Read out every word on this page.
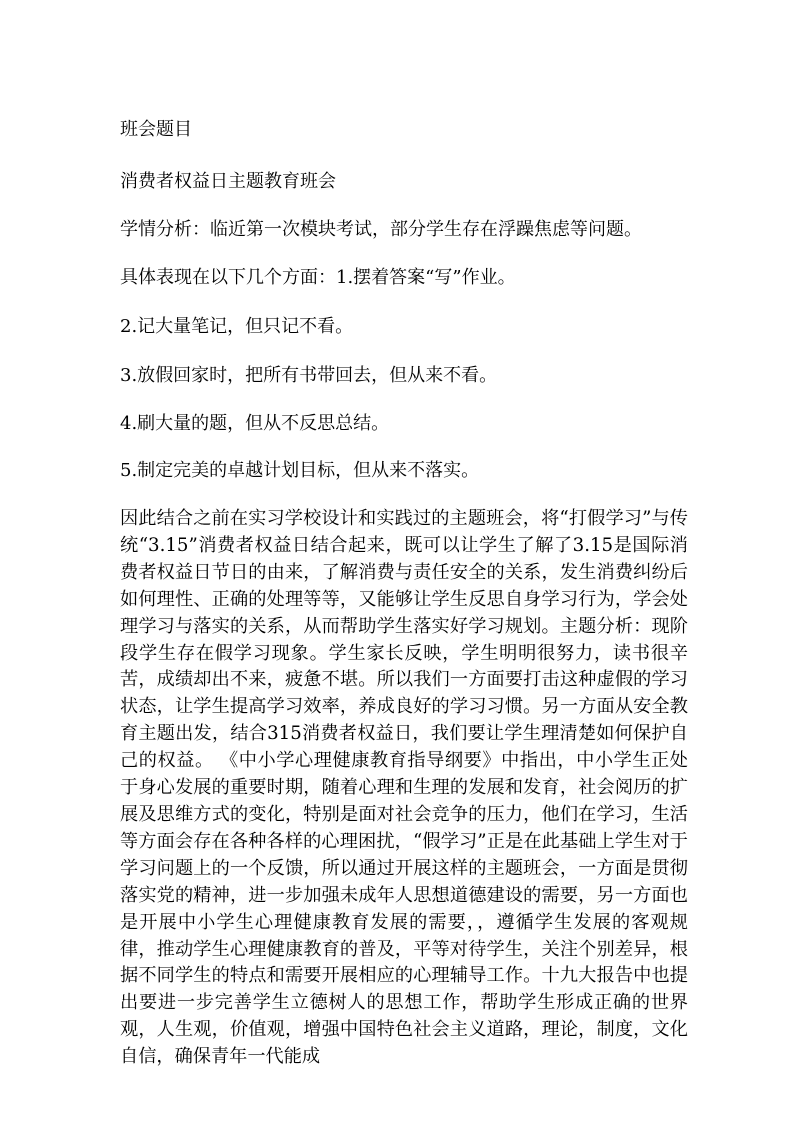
班会题目

消费者权益日主题教育班会

学情分析：临近第一次模块考试，部分学生存在浮躁焦虑等问题。

具体表现在以下几个方面：1.摆着答案“写”作业。

2.记大量笔记，但只记不看。

3.放假回家时，把所有书带回去，但从来不看。

4.刷大量的题，但从不反思总结。

5.制定完美的卓越计划目标，但从来不落实。

因此结合之前在实习学校设计和实践过的主题班会，将“打假学习”与传统“3.15”消费者权益日结合起来，既可以让学生了解了3.15是国际消费者权益日节日的由来，了解消费与责任安全的关系，发生消费纠纷后如何理性、正确的处理等等，又能够让学生反思自身学习行为，学会处理学习与落实的关系，从而帮助学生落实好学习规划。主题分析：现阶段学生存在假学习现象。学生家长反映，学生明明很努力，读书很辛苦，成绩却出不来，疲惫不堪。所以我们一方面要打击这种虚假的学习状态，让学生提高学习效率，养成良好的学习习惯。另一方面从安全教育主题出发，结合315消费者权益日，我们要让学生理清楚如何保护自己的权益。 《中小学心理健康教育指导纲要》中指出，中小学生正处于身心发展的重要时期，随着心理和生理的发展和发育，社会阅历的扩展及思维方式的变化，特别是面对社会竞争的压力，他们在学习，生活等方面会存在各种各样的心理困扰，“假学习”正是在此基础上学生对于学习问题上的一个反馈，所以通过开展这样的主题班会，一方面是贯彻落实党的精神，进一步加强未成年人思想道德建设的需要，另一方面也是开展中小学生心理健康教育发展的需要，，遵循学生发展的客观规律，推动学生心理健康教育的普及，平等对待学生，关注个别差异，根据不同学生的特点和需要开展相应的心理辅导工作。十九大报告中也提出要进一步完善学生立德树人的思想工作，帮助学生形成正确的世界观，人生观，价值观，增强中国特色社会主义道路，理论，制度，文化自信，确保青年一代能成
